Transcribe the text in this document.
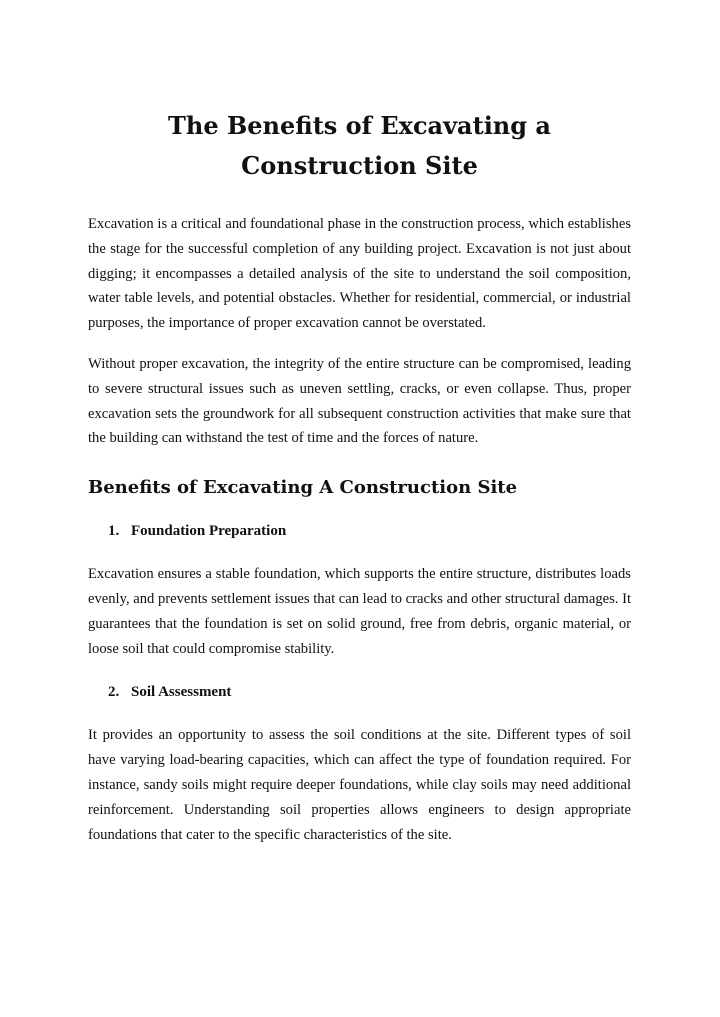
The Benefits of Excavating a Construction Site

Excavation is a critical and foundational phase in the construction process, which establishes the stage for the successful completion of any building project. Excavation is not just about digging; it encompasses a detailed analysis of the site to understand the soil composition, water table levels, and potential obstacles. Whether for residential, commercial, or industrial purposes, the importance of proper excavation cannot be overstated.

Without proper excavation, the integrity of the entire structure can be compromised, leading to severe structural issues such as uneven settling, cracks, or even collapse. Thus, proper excavation sets the groundwork for all subsequent construction activities that make sure that the building can withstand the test of time and the forces of nature.

Benefits of Excavating A Construction Site
1. Foundation Preparation

Excavation ensures a stable foundation, which supports the entire structure, distributes loads evenly, and prevents settlement issues that can lead to cracks and other structural damages. It guarantees that the foundation is set on solid ground, free from debris, organic material, or loose soil that could compromise stability.

2. Soil Assessment

It provides an opportunity to assess the soil conditions at the site. Different types of soil have varying load-bearing capacities, which can affect the type of foundation required. For instance, sandy soils might require deeper foundations, while clay soils may need additional reinforcement. Understanding soil properties allows engineers to design appropriate foundations that cater to the specific characteristics of the site.
